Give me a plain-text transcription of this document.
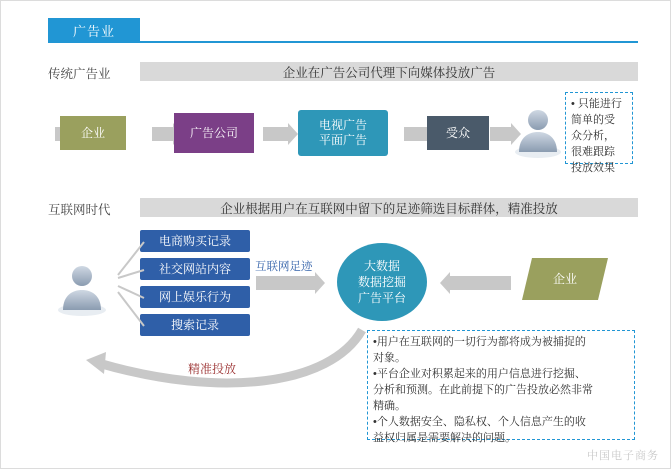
广告业
传统广告业	企业在广告公司代理下向媒体投放广告
企业	广告公司
电视广告
平面广告
受众

• 只能进行

简单的受

众分析，

很难跟踪

投放效果

互联网时代	企业根据用户在互联网中留下的足迹筛选目标群体，精准投放
电商购买记录
社交网站内容
网上娱乐行为
搜索记录
互联网足迹	大数据
数据挖掘
广告平台
企业
精准投放

•用户在互联网的一切行为都将成为被捕捉的

对象。

•平台企业对积累起来的用户信息进行挖掘、

分析和预测。在此前提下的广告投放必然非常

精确。

•个人数据安全、隐私权、个人信息产生的收

益权归属是需要解决的问题。

中国电子商务
